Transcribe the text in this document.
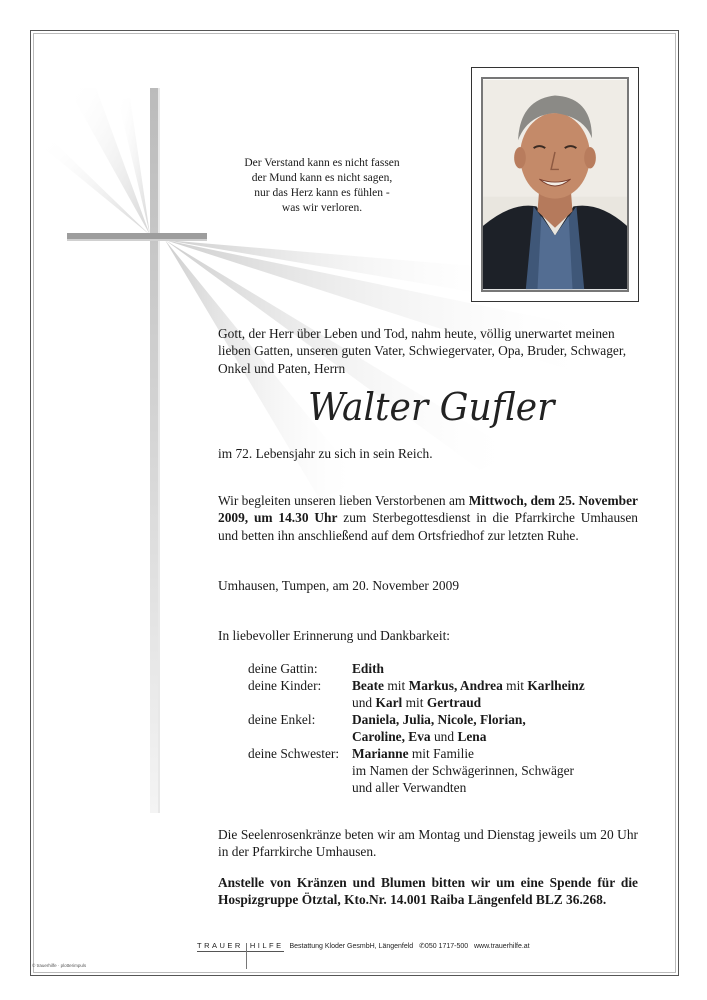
Der Verstand kann es nicht fassen
der Mund kann es nicht sagen,
nur das Herz kann es fühlen -
was wir verloren.
Gott, der Herr über Leben und Tod, nahm heute, völlig unerwartet meinen
lieben Gatten, unseren guten Vater, Schwiegervater, Opa, Bruder, Schwager,
Onkel und Paten, Herrn
Walter Gufler
im 72. Lebensjahr zu sich in sein Reich.
Wir begleiten unseren lieben Verstorbenen am Mittwoch, dem 25. November 2009, um 14.30 Uhr zum Sterbegottesdienst in die Pfarrkirche Umhausen und betten ihn anschließend auf dem Ortsfriedhof zur letzten Ruhe.
Umhausen, Tumpen, am 20. November 2009
In liebevoller Erinnerung und Dankbarkeit:
deine Gattin:	Edith
deine Kinder: Beate mit Markus, Andrea mit Karlheinz
und Karl mit Gertraud
deine Enkel:	Daniela, Julia, Nicole, Florian,
Caroline, Eva und Lena
deine Schwester: Marianne mit Familie
im Namen der Schwägerinnen, Schwäger
und aller Verwandten
Die Seelenrosenkränze beten wir am Montag und Dienstag jeweils um 20 Uhr in der Pfarrkirche Umhausen.
Anstelle von Kränzen und Blumen bitten wir um eine Spende für die Hospizgruppe Ötztal, Kto.Nr. 14.001 Raiba Längenfeld BLZ 36.268.
TRAUER HILFE Bestattung Kloder GesmbH, Längenfeld ✆050 1717-500 www.trauerhilfe.at
© trauerhilfe · plotterimpuls
